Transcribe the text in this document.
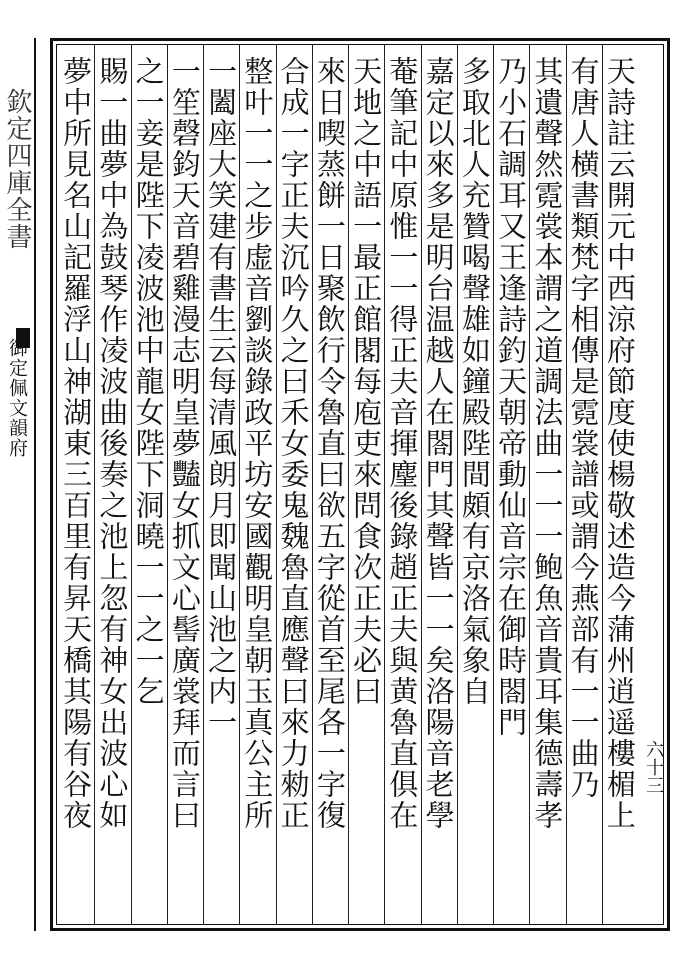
欽定四庫全書
御定佩文韻府	天詩註云開元中西涼府節度使楊敬述造今蒲州逍遥樓楣上
有唐人横書類梵字相傳是霓裳譜或謂今燕部有一一曲乃
其遺聲然霓裳本謂之道調法曲一一一鲍魚音貴耳集德壽孝
乃小石調耳又王逢詩釣天朝帝動仙音宗在御時閤門
多取北人充贊喝聲雄如鐘殿陛間頗有京洛氣象自
嘉定以來多是明台温越人在閤門其聲皆一一矣洛陽音老學
菴筆記中原惟一一得正夫音揮麈後錄趙正夫與黄魯直俱在
天地之中語一最正館閣每庖吏來問食次正夫必曰
來日喫蒸餅一日聚飲行令魯直曰欲五字從首至尾各一字復
合成一字正夫沉吟久之曰禾女委鬼魏魯直應聲曰來力勑正
整叶一一之步虚音劉談錄政平坊安國觀明皇朝玉真公主所
一闔座大笑建有書生云每清風朗月即聞山池之内一
一笙磬鈞天音碧雞漫志明皇夢豔女抓文心髻廣裳拜而言曰
之一妾是陛下凌波池中龍女陛下洞曉一一之一乞
賜一曲夢中為鼓琴作凌波曲後奏之池上忽有神女出波心如
夢中所見名山記羅浮山神湖東三百里有昇天橋其陽有谷夜	六十三
